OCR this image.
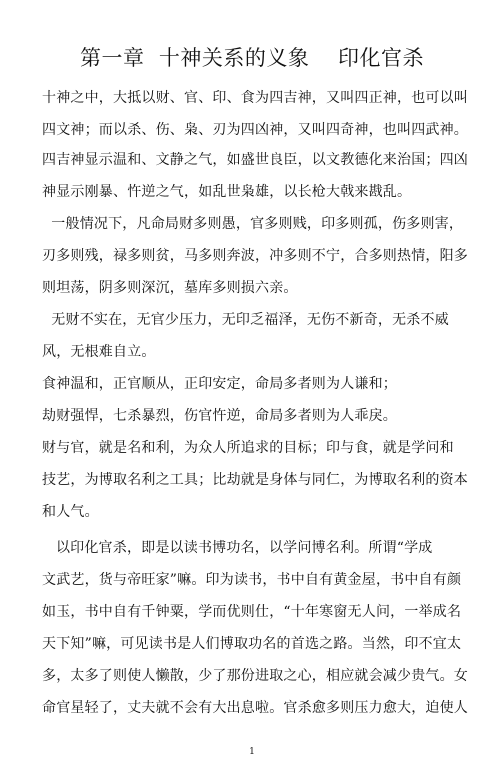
第一章  十神关系的义象    印化官杀
十神之中，大抵以财、官、印、食为四吉神，又叫四正神，也可以叫
四文神；而以杀、伤、枭、刃为四凶神，又叫四奇神，也叫四武神。
四吉神显示温和、文静之气，如盛世良臣，以文教德化来治国；四凶
神显示刚暴、忤逆之气，如乱世枭雄，以长枪大戟来戡乱。
一般情况下，凡命局财多则愚，官多则贱，印多则孤，伤多则害，
刃多则残，禄多则贫，马多则奔波，冲多则不宁，合多则热情，阳多
则坦荡，阴多则深沉，墓库多则损六亲。
无财不实在，无官少压力，无印乏福泽，无伤不新奇，无杀不威
风，无根难自立。
食神温和，正官顺从，正印安定，命局多者则为人谦和；
劫财强悍，七杀暴烈，伤官忤逆，命局多者则为人乖戾。
财与官，就是名和利，为众人所追求的目标；印与食，就是学问和
技艺，为博取名利之工具；比劫就是身体与同仁，为博取名利的资本
和人气。
以印化官杀，即是以读书博功名，以学问博名利。所谓“学成
文武艺，货与帝旺家”嘛。印为读书，书中自有黄金屋，书中自有颜
如玉，书中自有千钟粟，学而优则仕，“十年寒窗无人问，一举成名
天下知”嘛，可见读书是人们博取功名的首选之路。当然，印不宜太
多，太多了则使人懒散，少了那份进取之心，相应就会减少贵气。女
命官星轻了，丈夫就不会有大出息啦。官杀愈多则压力愈大，迫使人
1
